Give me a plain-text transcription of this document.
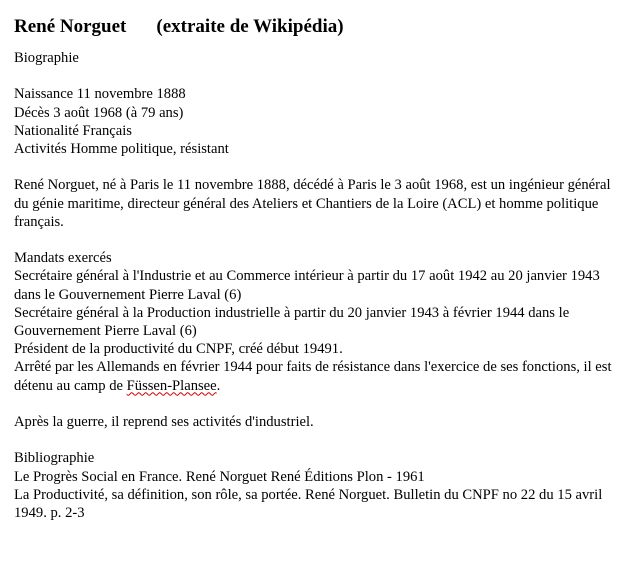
René Norguet (extraite de Wikipédia)

Biographie

Naissance 11 novembre 1888

Décès 3 août 1968 (à 79 ans)

Nationalité Français

Activités Homme politique, résistant

René Norguet, né à Paris le 11 novembre 1888, décédé à Paris le 3 août 1968, est un ingénieur général du génie maritime, directeur général des Ateliers et Chantiers de la Loire (ACL) et homme politique français.

Mandats exercés

Secrétaire général à l'Industrie et au Commerce intérieur à partir du 17 août 1942 au 20 janvier 1943 dans le Gouvernement Pierre Laval (6)

Secrétaire général à la Production industrielle à partir du 20 janvier 1943 à février 1944 dans le Gouvernement Pierre Laval (6)

Président de la productivité du CNPF, créé début 19491.

Arrêté par les Allemands en février 1944 pour faits de résistance dans l'exercice de ses fonctions, il est détenu au camp de Füssen-Plansee.

Après la guerre, il reprend ses activités d'industriel.

Bibliographie

Le Progrès Social en France. René Norguet René Éditions Plon - 1961

La Productivité, sa définition, son rôle, sa portée. René Norguet. Bulletin du CNPF no 22 du 15 avril 1949. p. 2-3
